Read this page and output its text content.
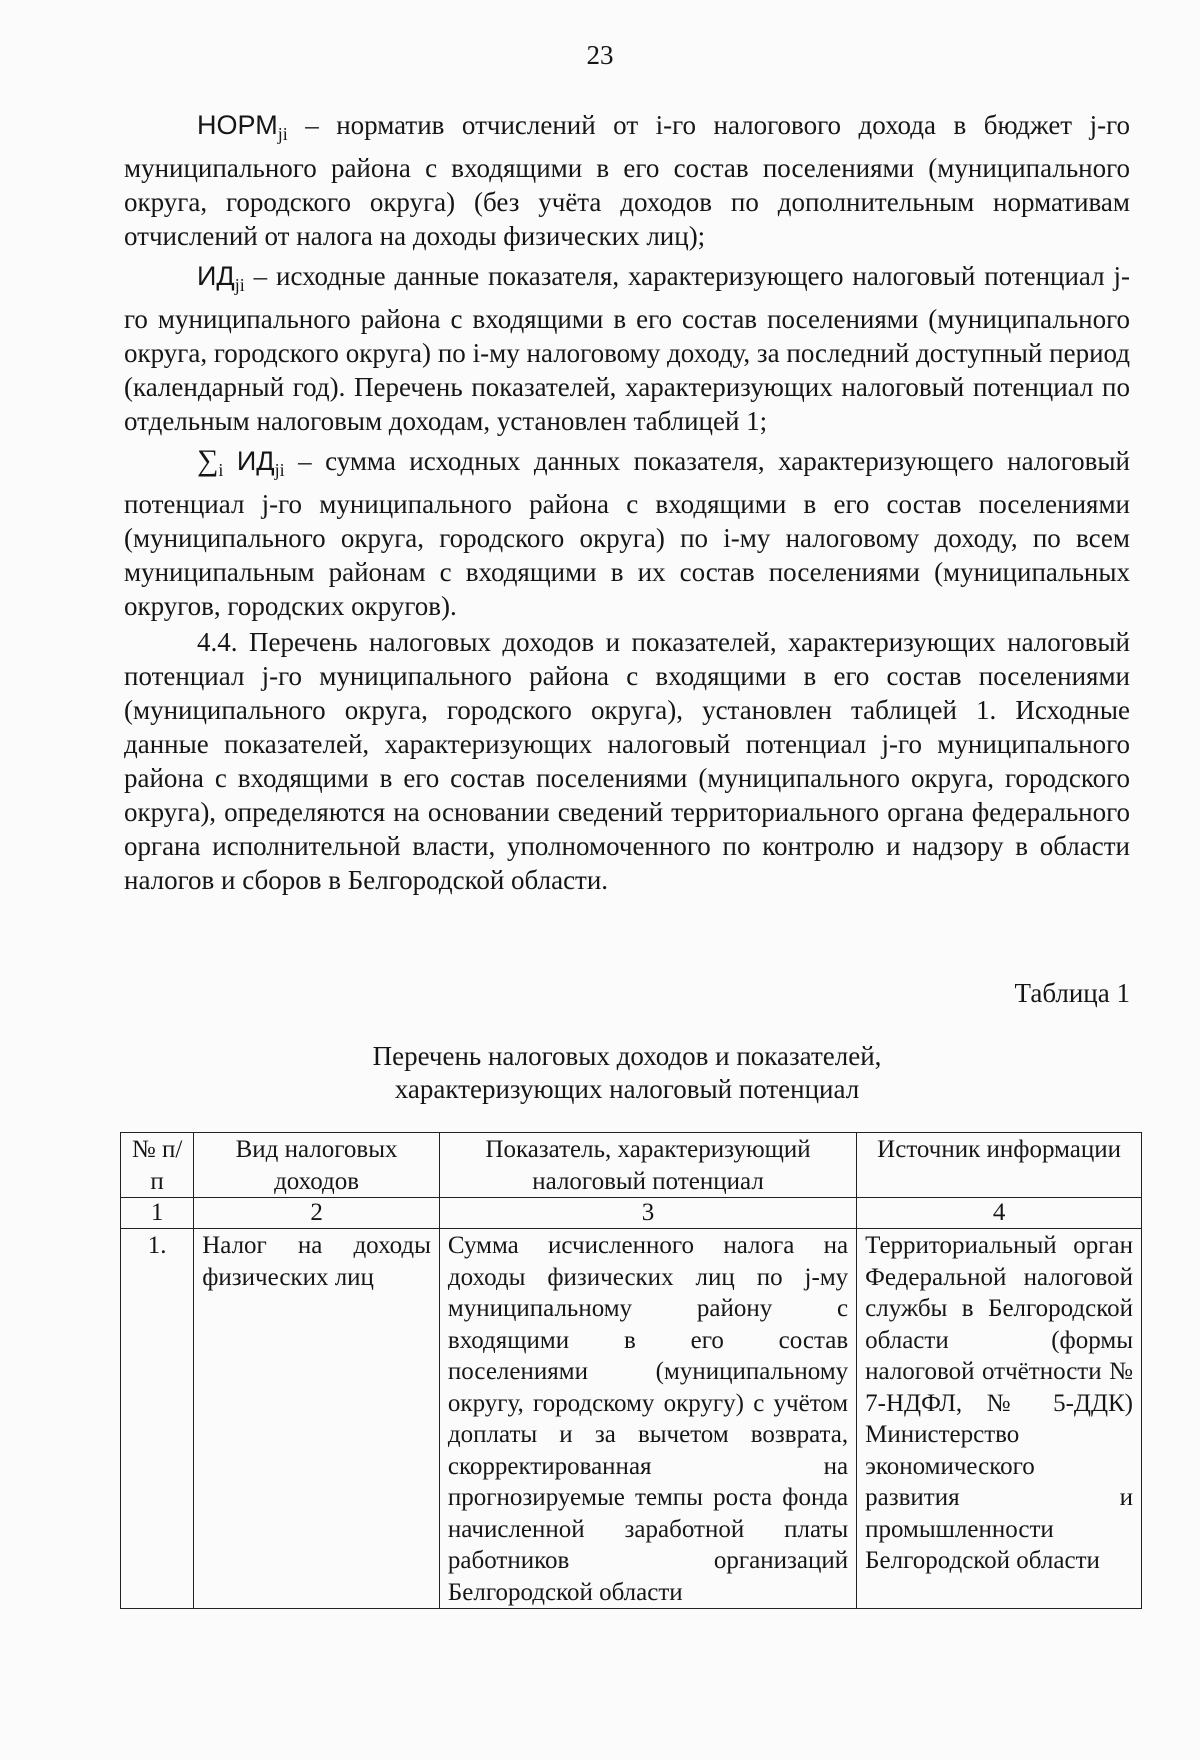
23

$НОРМ_{ji}$ – норматив отчислений от i-го налогового дохода в бюджет j-го муниципального района с входящими в его состав поселениями (муниципального округа, городского округа) (без учёта доходов по дополнительным нормативам отчислений от налога на доходы физических лиц);

$ИД_{ji}$ – исходные данные показателя, характеризующего налоговый потенциал j-го муниципального района с входящими в его состав поселениями (муниципального округа, городского округа) по i-му налоговому доходу, за последний доступный период (календарный год). Перечень показателей, характеризующих налоговый потенциал по отдельным налоговым доходам, установлен таблицей 1;

$\sum_i$ $ИД_{ji}$ – сумма исходных данных показателя, характеризующего налоговый потенциал j-го муниципального района с входящими в его состав поселениями (муниципального округа, городского округа) по i-му налоговому доходу, по всем муниципальным районам с входящими в их состав поселениями (муниципальных округов, городских округов).

4.4. Перечень налоговых доходов и показателей, характеризующих налоговый потенциал j-го муниципального района с входящими в его состав поселениями (муниципального округа, городского округа), установлен таблицей 1. Исходные данные показателей, характеризующих налоговый потенциал j-го муниципального района с входящими в его состав поселениями (муниципального округа, городского округа), определяются на основании сведений территориального органа федерального органа исполнительной власти, уполномоченного по контролю и надзору в области налогов и сборов в Белгородской области.

Таблица 1
Перечень налоговых доходов и показателей,
характеризующих налоговый потенциал
№ п/п	Вид налоговых доходов	Показатель, характеризующий налоговый потенциал	Источник информации
1	2	3	4
1.	Налог на доходы физических лиц	Сумма исчисленного налога на доходы физических лиц по j-му муниципальному району с входящими в его состав поселениями (муниципальному округу, городскому округу) с учётом доплаты и за вычетом возврата, скорректированная на прогнозируемые темпы роста фонда начисленной заработной платы работников организаций Белгородской области	Территориальный орган Федеральной налоговой службы в Белгородской области (формы налоговой отчётности № 7-НДФЛ, № 5-ДДК) Министерство экономического развития и промышленности Белгородской области
